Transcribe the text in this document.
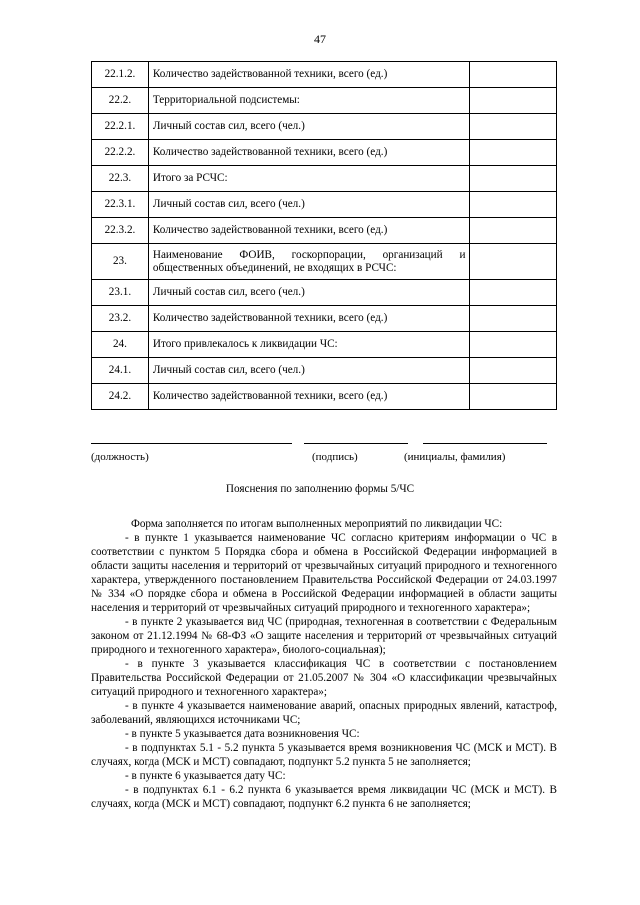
47
22.1.2.	Количество задействованной техники, всего (ед.)	
22.2.	Территориальной подсистемы:	
22.2.1.	Личный состав сил, всего (чел.)	
22.2.2.	Количество задействованной техники, всего (ед.)	
22.3.	Итого за РСЧС:	
22.3.1.	Личный состав сил, всего (чел.)	
22.3.2.	Количество задействованной техники, всего (ед.)	
23.	Наименование ФОИВ, госкорпорации, организаций и общественных объединений, не входящих в РСЧС:	
23.1.	Личный состав сил, всего (чел.)	
23.2.	Количество задействованной техники, всего (ед.)	
24.	Итого привлекалось к ликвидации ЧС:	
24.1.	Личный состав сил, всего (чел.)	
24.2.	Количество задействованной техники, всего (ед.)	
(должность)	(подпись)	(инициалы, фамилия)
Пояснения по заполнению формы 5/ЧС

Форма заполняется по итогам выполненных мероприятий по ликвидации ЧС:

- в пункте 1 указывается наименование ЧС согласно критериям информации о ЧС в соответствии с пунктом 5 Порядка сбора и обмена в Российской Федерации информацией в области защиты населения и территорий от чрезвычайных ситуаций природного и техногенного характера, утвержденного постановлением Правительства Российской Федерации от 24.03.1997 № 334 «О порядке сбора и обмена в Российской Федерации информацией в области защиты населения и территорий от чрезвычайных ситуаций природного и техногенного характера»;

- в пункте 2 указывается вид ЧС (природная, техногенная в соответствии с Федеральным законом от 21.12.1994 № 68-ФЗ «О защите населения и территорий от чрезвычайных ситуаций природного и техногенного характера», биолого-социальная);

- в пункте 3 указывается классификация ЧС в соответствии с постановлением Правительства Российской Федерации от 21.05.2007 № 304 «О классификации чрезвычайных ситуаций природного и техногенного характера»;

- в пункте 4 указывается наименование аварий, опасных природных явлений, катастроф, заболеваний, являющихся источниками ЧС;

- в пункте 5 указывается дата возникновения ЧС:

- в подпунктах 5.1 - 5.2 пункта 5 указывается время возникновения ЧС (МСК и МСТ). В случаях, когда (МСК и МСТ) совпадают, подпункт 5.2 пункта 5 не заполняется;

- в пункте 6 указывается дату ЧС:

- в подпунктах 6.1 - 6.2 пункта 6 указывается время ликвидации ЧС (МСК и МСТ). В случаях, когда (МСК и МСТ) совпадают, подпункт 6.2 пункта 6 не заполняется;
